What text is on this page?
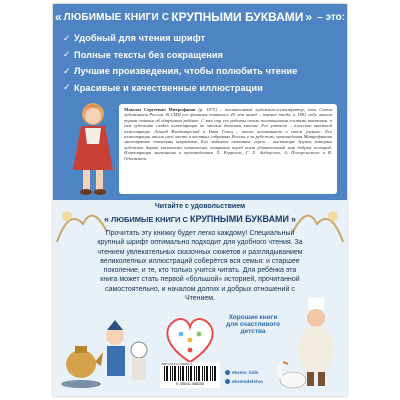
« ЛЮБИМЫЕ КНИГИ С КРУПНЫМИ БУКВАМИ » – это:
✓ Удобный для чтения шрифт
✓ Полные тексты без сокращения
✓ Лучшие произведения, чтобы полюбить чтение
✓ Красивые и качественные иллюстрации

Максим Сергеевич Митрофанов (р. 1975) – талантливый художник-иллюстратор, член Союза художников России. В СМИ его фамилия появилась 40 лет назад – именно тогда, в 1981 году, вышла первая статья об одарённом ребёнке. С тех пор его работы стали постоянными гостями выставок, а сам художник создал иллюстрации ко многим детским книгам. Его учителя – классики книжной иллюстрации Леонид Владимирский и Ника Гольц – тепло вспоминают о своём ученике. Его иллюстрации нашли своё место в частных собраниях России и за рубежом; произведения Митрофанова многократно отмечены наградами. Его любимые сказочные герои – настоящие друзья, которых художник дарит маленьким читателям, открывая перед ними удивительный мир добрых историй. Иллюстрации выполнены к произведениям Л. Кэрролла, Г. Х. Андерсена, А. Погорельского и В. Одоевского.

Читайте с удовольствием
« ЛЮБИМЫЕ КНИГИ С КРУПНЫМИ БУКВАМИ »
Прочитать эту книжку будет легко каждому! Специальный крупный шрифт оптимально подходит для удобного чтения. За чтением увлекательных сказочных сюжетов и разглядыванием великолепных иллюстраций соберётся вся семья: и старшее поколение, и те, кто только учится читать. Для ребёнка эта книга может стать первой «большой» историей, прочитанной самостоятельно, и началом долгих и добрых отношений с Чтением.
Хорошие книги для счастливого детства
ISBN 978-5-04-158825-5
9 785041 588255
eksmo_kids
eksmodetstvo
